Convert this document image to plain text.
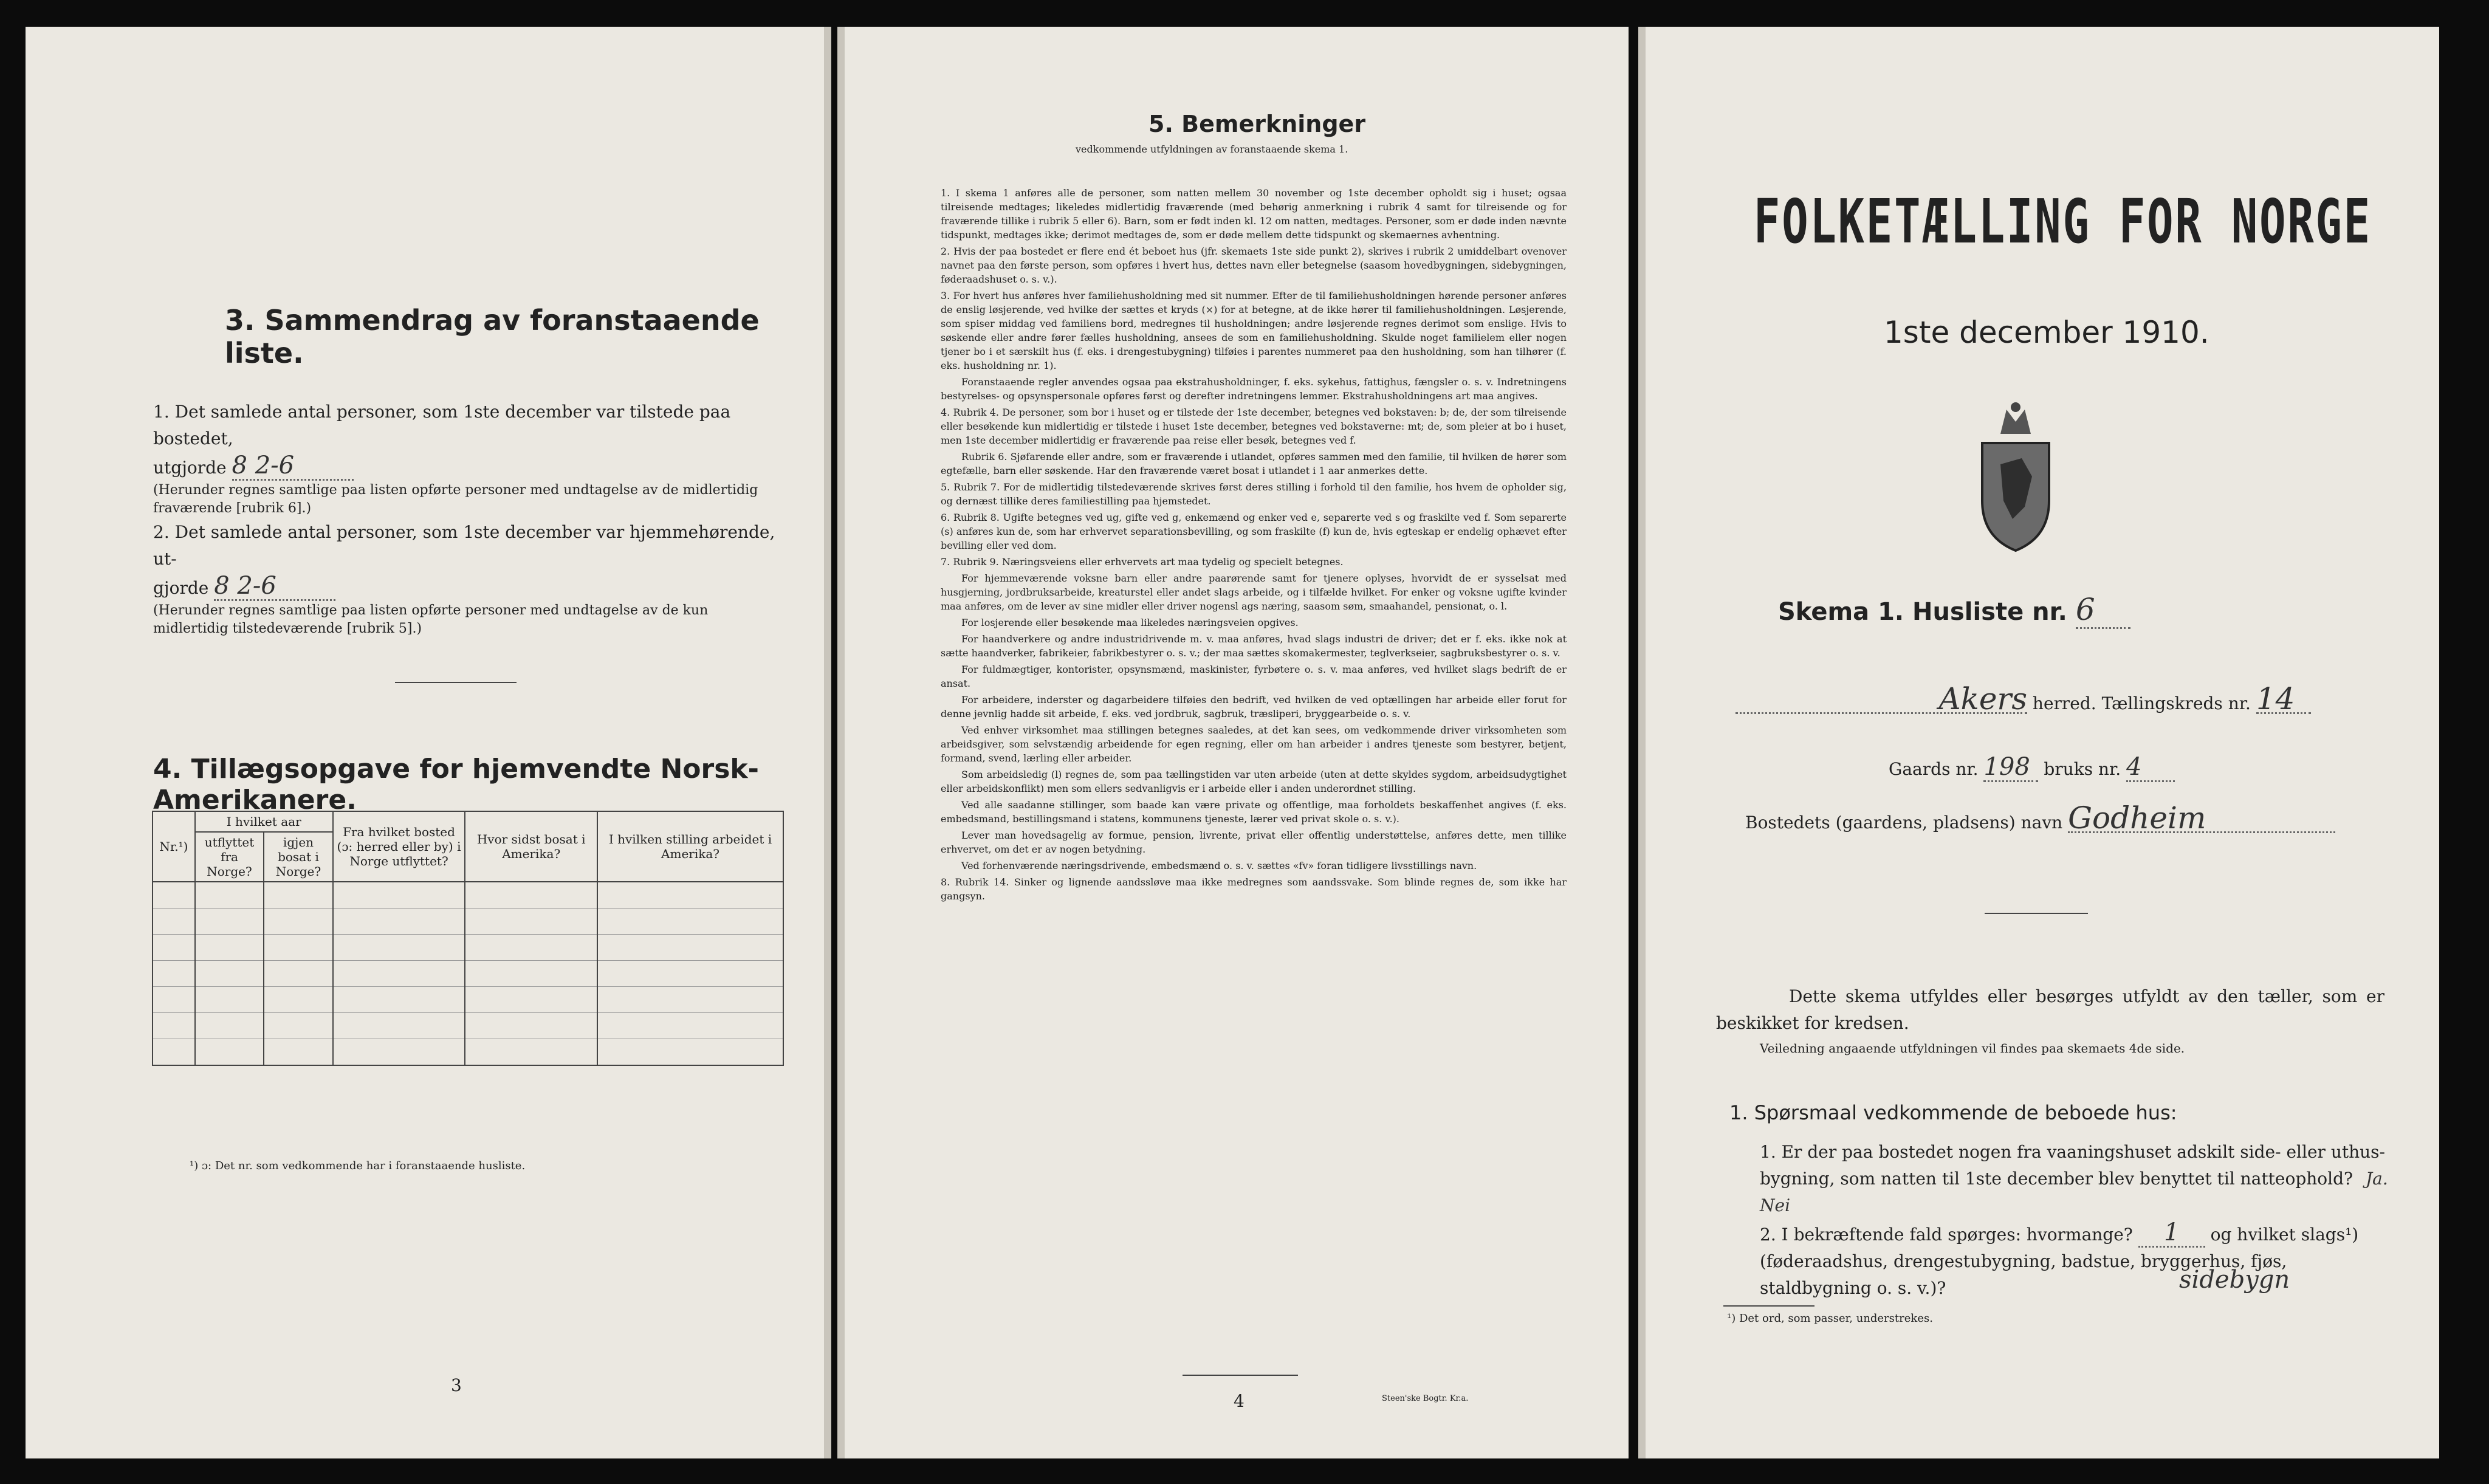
3. Sammendrag av foranstaaende liste.
1. Det samlede antal personer, som 1ste december var tilstede paa bostedet,
utgjorde 8 2-6
(Herunder regnes samtlige paa listen opførte personer med undtagelse av de midlertidig fraværende [rubrik 6].)
2. Det samlede antal personer, som 1ste december var hjemmehørende, ut-
gjorde 8 2-6
(Herunder regnes samtlige paa listen opførte personer med undtagelse av de kun midlertidig tilstedeværende [rubrik 5].)
4. Tillægsopgave for hjemvendte Norsk-Amerikanere.
Nr.¹)	I hvilket aar		Fra hvilket bosted (ɔ: herred eller by) i Norge utflyttet?	Hvor sidst bosat i Amerika?	I hvilken stilling arbeidet i Amerika?
	utflyttet fra Norge?	igjen bosat i Norge?			

¹) ɔ: Det nr. som vedkommende har i foranstaaende husliste.
3
5. Bemerkninger
vedkommende utfyldningen av foranstaaende skema 1.
1. I skema 1 anføres alle de personer, som natten mellem 30 november og 1ste december opholdt sig i huset; ogsaa tilreisende medtages; likeledes midlertidig fraværende (med behørig anmerkning i rubrik 4 samt for tilreisende og for fraværende tillike i rubrik 5 eller 6). Barn, som er født inden kl. 12 om natten, medtages. Personer, som er døde inden nævnte tidspunkt, medtages ikke; derimot medtages de, som er døde mellem dette tidspunkt og skemaernes avhentning.
2. Hvis der paa bostedet er flere end ét beboet hus (jfr. skemaets 1ste side punkt 2), skrives i rubrik 2 umiddelbart ovenover navnet paa den første person, som opføres i hvert hus, dettes navn eller betegnelse (saasom hovedbygningen, sidebygningen, føderaadshuset o. s. v.).
3. For hvert hus anføres hver familiehusholdning med sit nummer. Efter de til familiehusholdningen hørende personer anføres de enslig løsjerende, ved hvilke der sættes et kryds (×) for at betegne, at de ikke hører til familiehusholdningen. Løsjerende, som spiser middag ved familiens bord, medregnes til husholdningen; andre løsjerende regnes derimot som enslige. Hvis to søskende eller andre fører fælles husholdning, ansees de som en familiehusholdning. Skulde noget familielem eller nogen tjener bo i et særskilt hus (f. eks. i drengestubygning) tilføies i parentes nummeret paa den husholdning, som han tilhører (f. eks. husholdning nr. 1).
Foranstaaende regler anvendes ogsaa paa ekstrahusholdninger, f. eks. sykehus, fattighus, fængsler o. s. v. Indretningens bestyrelses- og opsynspersonale opføres først og derefter indretningens lemmer. Ekstrahusholdningens art maa angives.
4. Rubrik 4. De personer, som bor i huset og er tilstede der 1ste december, betegnes ved bokstaven: b; de, der som tilreisende eller besøkende kun midlertidig er tilstede i huset 1ste december, betegnes ved bokstaverne: mt; de, som pleier at bo i huset, men 1ste december midlertidig er fraværende paa reise eller besøk, betegnes ved f.
Rubrik 6. Sjøfarende eller andre, som er fraværende i utlandet, opføres sammen med den familie, til hvilken de hører som egtefælle, barn eller søskende. Har den fraværende været bosat i utlandet i 1 aar anmerkes dette.
5. Rubrik 7. For de midlertidig tilstedeværende skrives først deres stilling i forhold til den familie, hos hvem de opholder sig, og dernæst tillike deres familiestilling paa hjemstedet.
6. Rubrik 8. Ugifte betegnes ved ug, gifte ved g, enkemænd og enker ved e, separerte ved s og fraskilte ved f. Som separerte (s) anføres kun de, som har erhvervet separationsbevilling, og som fraskilte (f) kun de, hvis egteskap er endelig ophævet efter bevilling eller ved dom.
7. Rubrik 9. Næringsveiens eller erhvervets art maa tydelig og specielt betegnes.
For hjemmeværende voksne barn eller andre paarørende samt for tjenere oplyses, hvorvidt de er sysselsat med husgjerning, jordbruksarbeide, kreaturstel eller andet slags arbeide, og i tilfælde hvilket. For enker og voksne ugifte kvinder maa anføres, om de lever av sine midler eller driver nogensl ags næring, saasom søm, smaahandel, pensionat, o. l.
For losjerende eller besøkende maa likeledes næringsveien opgives.
For haandverkere og andre industridrivende m. v. maa anføres, hvad slags industri de driver; det er f. eks. ikke nok at sætte haandverker, fabrikeier, fabrikbestyrer o. s. v.; der maa sættes skomakermester, teglverkseier, sagbruksbestyrer o. s. v.
For fuldmægtiger, kontorister, opsynsmænd, maskinister, fyrbøtere o. s. v. maa anføres, ved hvilket slags bedrift de er ansat.
For arbeidere, inderster og dagarbeidere tilføies den bedrift, ved hvilken de ved optællingen har arbeide eller forut for denne jevnlig hadde sit arbeide, f. eks. ved jordbruk, sagbruk, træsliperi, bryggearbeide o. s. v.
Ved enhver virksomhet maa stillingen betegnes saaledes, at det kan sees, om vedkommende driver virksomheten som arbeidsgiver, som selvstændig arbeidende for egen regning, eller om han arbeider i andres tjeneste som bestyrer, betjent, formand, svend, lærling eller arbeider.
Som arbeidsledig (l) regnes de, som paa tællingstiden var uten arbeide (uten at dette skyldes sygdom, arbeidsudygtighet eller arbeidskonflikt) men som ellers sedvanligvis er i arbeide eller i anden underordnet stilling.
Ved alle saadanne stillinger, som baade kan være private og offentlige, maa forholdets beskaffenhet angives (f. eks. embedsmand, bestillingsmand i statens, kommunens tjeneste, lærer ved privat skole o. s. v.).
Lever man hovedsagelig av formue, pension, livrente, privat eller offentlig understøttelse, anføres dette, men tillike erhvervet, om det er av nogen betydning.
Ved forhenværende næringsdrivende, embedsmænd o. s. v. sættes «fv» foran tidligere livsstillings navn.
8. Rubrik 14. Sinker og lignende aandssløve maa ikke medregnes som aandssvake. Som blinde regnes de, som ikke har gangsyn.
4	Steen'ske Bogtr. Kr.a.
FOLKETÆLLING FOR NORGE
1ste december 1910.
Skema 1. Husliste nr. 6
Akers herred. Tællingskreds nr. 14
Gaards nr. 198 bruks nr. 4
Bostedets (gaardens, pladsens) navn Godheim
Dette skema utfyldes eller besørges utfyldt av den tæller, som er beskikket for kredsen.
Veiledning angaaende utfyldningen vil findes paa skemaets 4de side.
1. Spørsmaal vedkommende de beboede hus:
1. Er der paa bostedet nogen fra vaaningshuset adskilt side- eller uthus-bygning, som natten til 1ste december blev benyttet til natteophold? Ja. Nei
2. I bekræftende fald spørges: hvormange? 1 og hvilket slags¹)
(føderaadshus, drengestubygning, badstue, bryggerhus, fjøs, staldbygning o. s. v.)?	sidebygn
¹) Det ord, som passer, understrekes.
